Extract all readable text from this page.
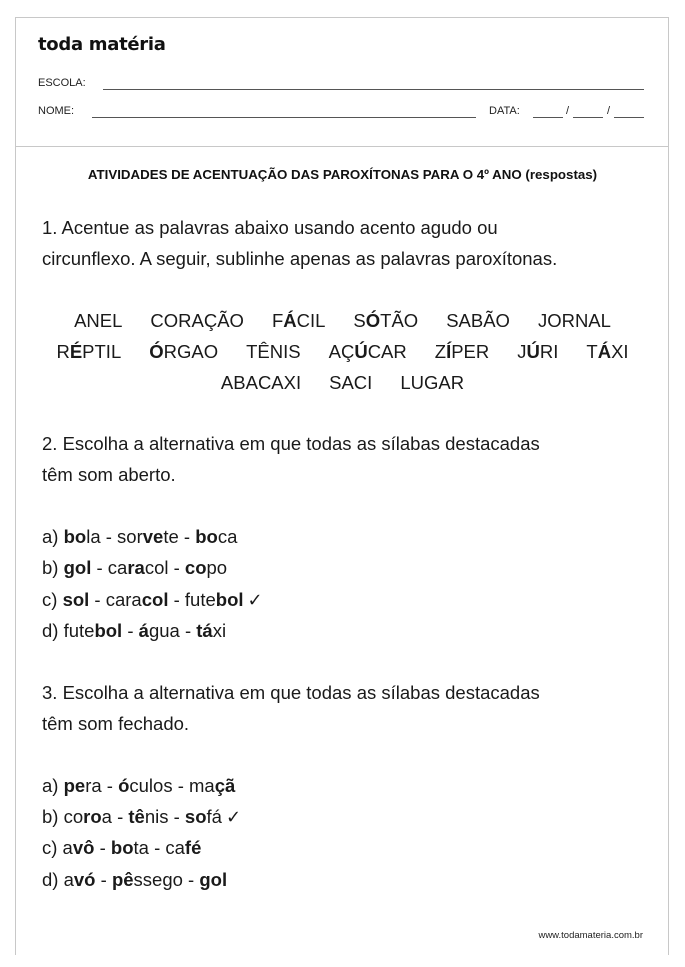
toda matéria
ESCOLA:
NOME:	DATA:	/	/
ATIVIDADES DE ACENTUAÇÃO DAS PAROXÍTONAS PARA O 4º ANO (respostas)
1. Acentue as palavras abaixo usando acento agudo ou
circunflexo. A seguir, sublinhe apenas as palavras paroxítonas.
ANEL CORAÇÃO FÁCIL SÓTÃO SABÃO JORNAL
RÉPTIL ÓRGAO TÊNIS AÇÚCAR ZÍPER JÚRI TÁXI
ABACAXI SACI LUGAR
2. Escolha a alternativa em que todas as sílabas destacadas
têm som aberto.
a) bola - sorvete - boca
b) gol - caracol - copo
c) sol - caracol - futebol ✓
d) futebol - água - táxi
3. Escolha a alternativa em que todas as sílabas destacadas
têm som fechado.
a) pera - óculos - maçã
b) coroa - tênis - sofá ✓
c) avô - bota - café
d) avó - pêssego - gol
www.todamateria.com.br
